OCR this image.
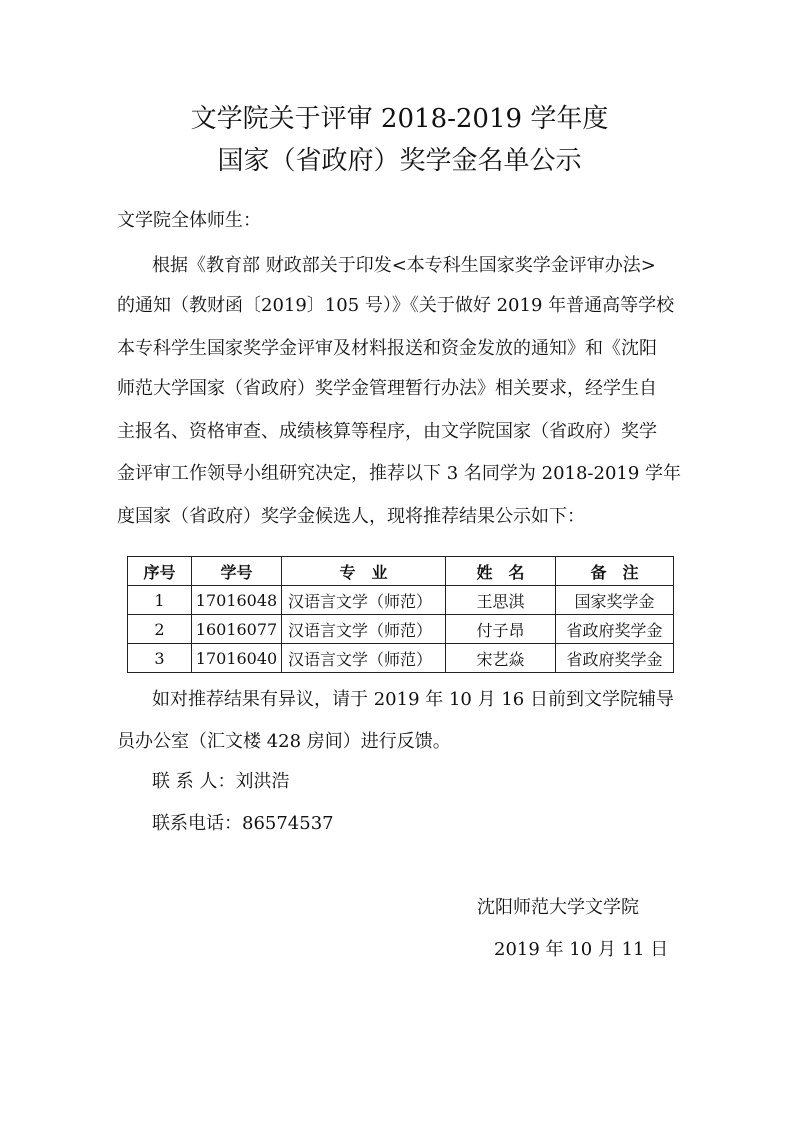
文学院关于评审 2018-2019 学年度
国家（省政府）奖学金名单公示

文学院全体师生：

根据《教育部 财政部关于印发<本专科生国家奖学金评审办法>

的通知（教财函〔2019〕105 号）》《关于做好 2019 年普通高等学校

本专科学生国家奖学金评审及材料报送和资金发放的通知》和《沈阳

师范大学国家（省政府）奖学金管理暂行办法》相关要求，经学生自

主报名、资格审查、成绩核算等程序，由文学院国家（省政府）奖学

金评审工作领导小组研究决定，推荐以下 3 名同学为 2018-2019 学年

度国家（省政府）奖学金候选人，现将推荐结果公示如下：

序号	学号	专　业	姓　名	备　注
1	17016048	汉语言文学（师范）	王思淇	国家奖学金
2	16016077	汉语言文学（师范）	付子昂	省政府奖学金
3	17016040	汉语言文学（师范）	宋艺焱	省政府奖学金

如对推荐结果有异议，请于 2019 年 10 月 16 日前到文学院辅导

员办公室（汇文楼 428 房间）进行反馈。

联 系 人：刘洪浩

联系电话：86574537

沈阳师范大学文学院

2019 年 10 月 11 日
